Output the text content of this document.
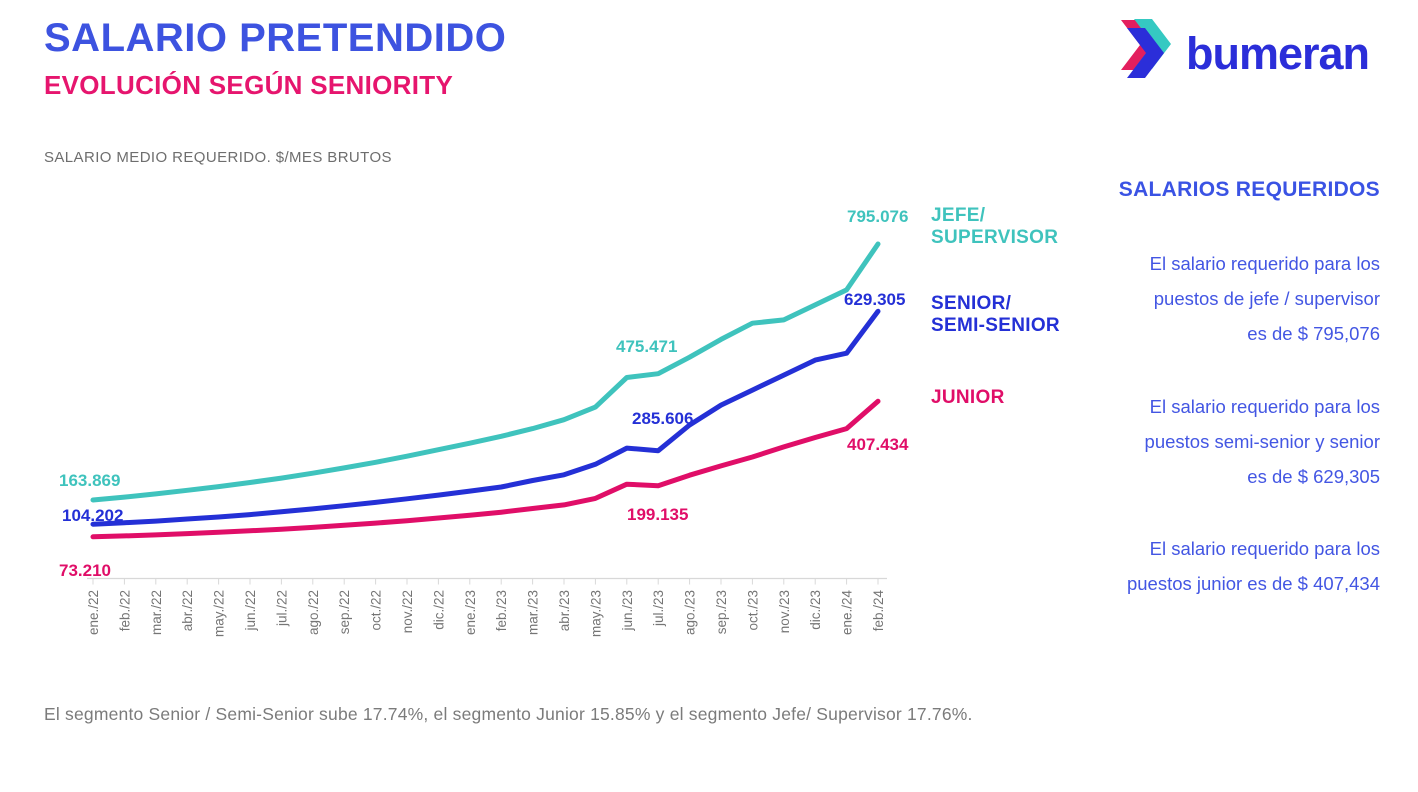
SALARIO PRETENDIDO
EVOLUCIÓN SEGÚN SENIORITY
bumeran
SALARIO MEDIO REQUERIDO. $/MES BRUTOS
ene./22 feb./22 mar./22 abr./22 may./22 jun./22 jul./22 ago./22 sep./22 oct./22 nov./22 dic./22 ene./23 feb./23 mar./23 abr./23 may./23 jun./23 jul./23 ago./23 sep./23 oct./23 nov./23 dic./23 ene./24 feb./24
163.869
104.202
73.210
475.471
285.606
199.135
795.076
629.305
407.434
JEFE/
SUPERVISOR
SENIOR/
SEMI-SENIOR
JUNIOR
SALARIOS REQUERIDOS
El salario requerido para los
puestos de jefe / supervisor
es de $ 795,076
El salario requerido para los
puestos semi-senior y senior
es de $ 629,305
El salario requerido para los
puestos junior es de $ 407,434
El segmento Senior / Semi-Senior sube 17.74%, el segmento Junior 15.85% y el segmento Jefe/ Supervisor 17.76%.
